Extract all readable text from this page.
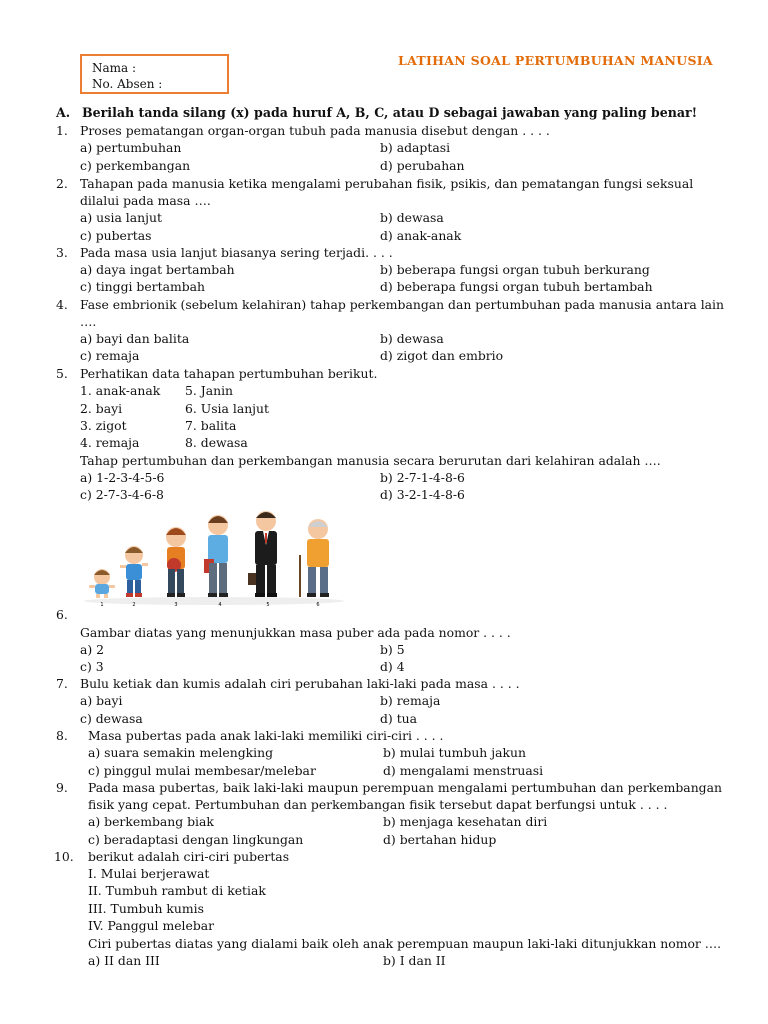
Nama :
No. Absen :
LATIHAN SOAL PERTUMBUHAN MANUSIA
A. Berilah tanda silang (x) pada huruf A, B, C, atau D sebagai jawaban yang paling benar!
1. Proses pematangan organ-organ tubuh pada manusia disebut dengan . . . .
a) pertumbuhan	b) adaptasi
c) perkembangan	d) perubahan
2. Tahapan pada manusia ketika mengalami perubahan fisik, psikis, dan pematangan fungsi seksual
dilalui pada masa ….
a) usia lanjut	b) dewasa
c) pubertas	d) anak-anak
3. Pada masa usia lanjut biasanya sering terjadi. . . .
a) daya ingat bertambah	b) beberapa fungsi organ tubuh berkurang
c) tinggi bertambah	d) beberapa fungsi organ tubuh bertambah
4. Fase embrionik (sebelum kelahiran) tahap perkembangan dan pertumbuhan pada manusia antara lain
….
a) bayi dan balita	b) dewasa
c) remaja	d) zigot dan embrio
5. Perhatikan data tahapan pertumbuhan berikut.
1. anak-anak 5. Janin
2. bayi	6. Usia lanjut
3. zigot	7. balita
4. remaja	8. dewasa
Tahap pertumbuhan dan perkembangan manusia secara berurutan dari kelahiran adalah ….
a) 1-2-3-4-5-6	b) 2-7-1-4-8-6
c) 2-7-3-4-6-8	d) 3-2-1-4-8-6
1	2	3	4	5	6
6.
Gambar diatas yang menunjukkan masa puber ada pada nomor . . . .
a) 2	b) 5
c) 3	d) 4
7. Bulu ketiak dan kumis adalah ciri perubahan laki-laki pada masa . . . .
a) bayi	b) remaja
c) dewasa	d) tua
8. Masa pubertas pada anak laki-laki memiliki ciri-ciri . . . .
a) suara semakin melengking	b) mulai tumbuh jakun
c) pinggul mulai membesar/melebar	d) mengalami menstruasi
9. Pada masa pubertas, baik laki-laki maupun perempuan mengalami pertumbuhan dan perkembangan
fisik yang cepat. Pertumbuhan dan perkembangan fisik tersebut dapat berfungsi untuk . . . .
a) berkembang biak	b) menjaga kesehatan diri
c) beradaptasi dengan lingkungan	d) bertahan hidup
10. berikut adalah ciri-ciri pubertas
I. Mulai berjerawat
II. Tumbuh rambut di ketiak
III. Tumbuh kumis
IV. Panggul melebar
Ciri pubertas diatas yang dialami baik oleh anak perempuan maupun laki-laki ditunjukkan nomor ….
a) II dan III	b) I dan II
